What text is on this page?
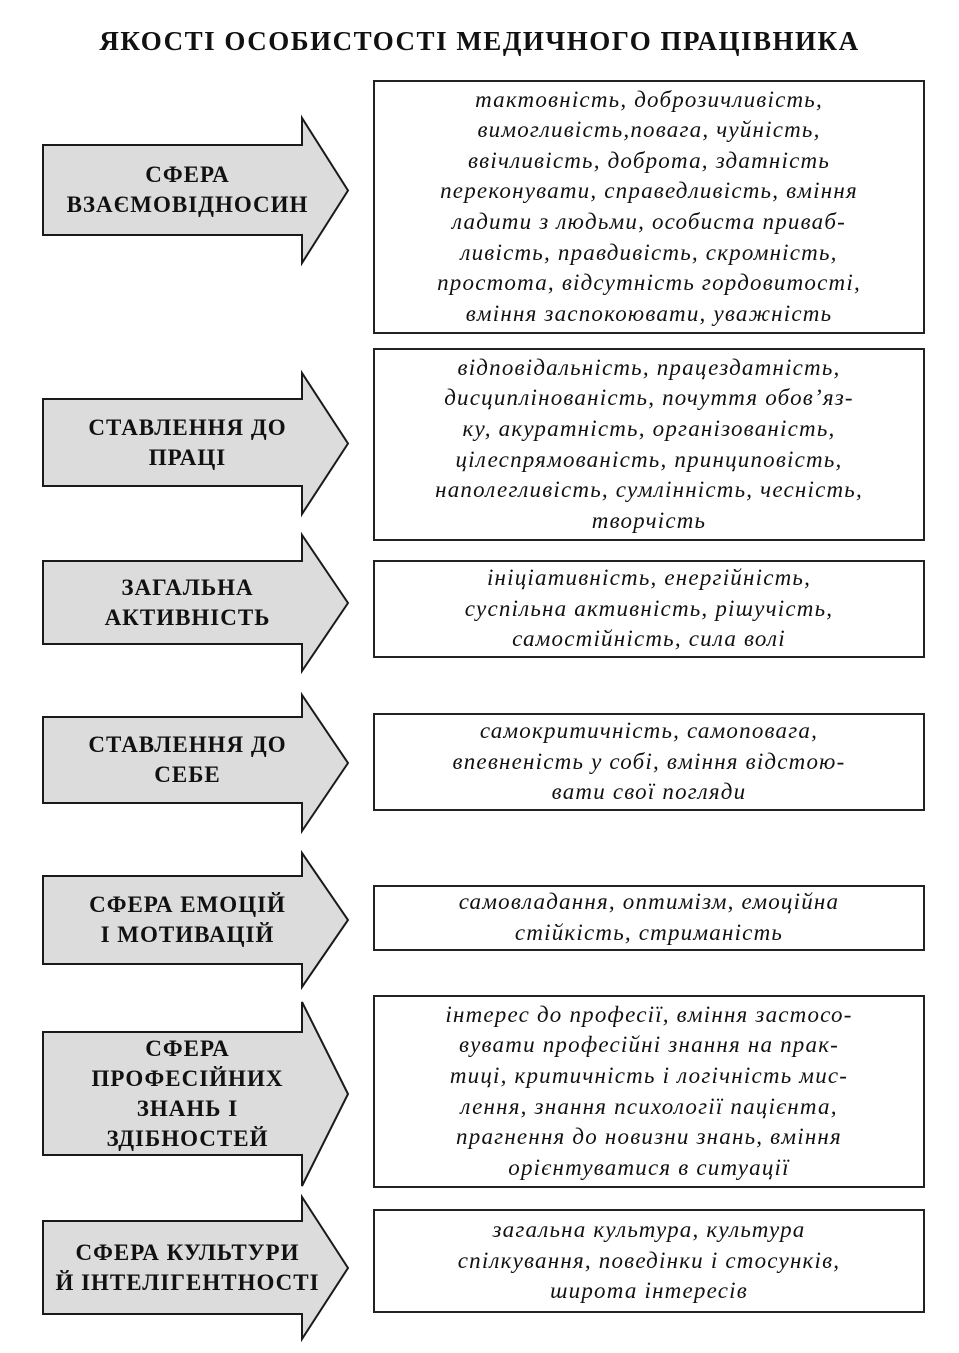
ЯКОСТІ ОСОБИСТОСТІ МЕДИЧНОГО ПРАЦІВНИКА
СФЕРА
ВЗАЄМОВІДНОСИН
тактовність, доброзичливість,
вимогливість,повага, чуйність,
ввічливість, доброта, здатність
переконувати, справедливість, вміння
ладити з людьми, особиста приваб-
ливість, правдивість, скромність,
простота, відсутність гордовитості,
вміння заспокоювати, уважність
СТАВЛЕННЯ ДО
ПРАЦІ
відповідальність, працездатність,
дисциплінованість, почуття обов’яз-
ку, акуратність, організованість,
цілеспрямованість, принциповість,
наполегливість, сумлінність, чесність,
творчість
ЗАГАЛЬНА
АКТИВНІСТЬ
ініціативність, енергійність,
суспільна активність, рішучість,
самостійність, сила волі
СТАВЛЕННЯ ДО
СЕБЕ
самокритичність, самоповага,
впевненість у собі, вміння відстою-
вати свої погляди
СФЕРА ЕМОЦІЙ
І МОТИВАЦІЙ
самовладання, оптимізм, емоційна
стійкість, стриманість
СФЕРА
ПРОФЕСІЙНИХ
ЗНАНЬ І
ЗДІБНОСТЕЙ
інтерес до професії, вміння застосо-
вувати професійні знання на прак-
тиці, критичність і логічність мис-
лення, знання психології пацієнта,
прагнення до новизни знань, вміння
орієнтуватися в ситуації
СФЕРА КУЛЬТУРИ
Й ІНТЕЛІГЕНТНОСТІ
загальна культура, культура
спілкування, поведінки і стосунків,
широта інтересів
